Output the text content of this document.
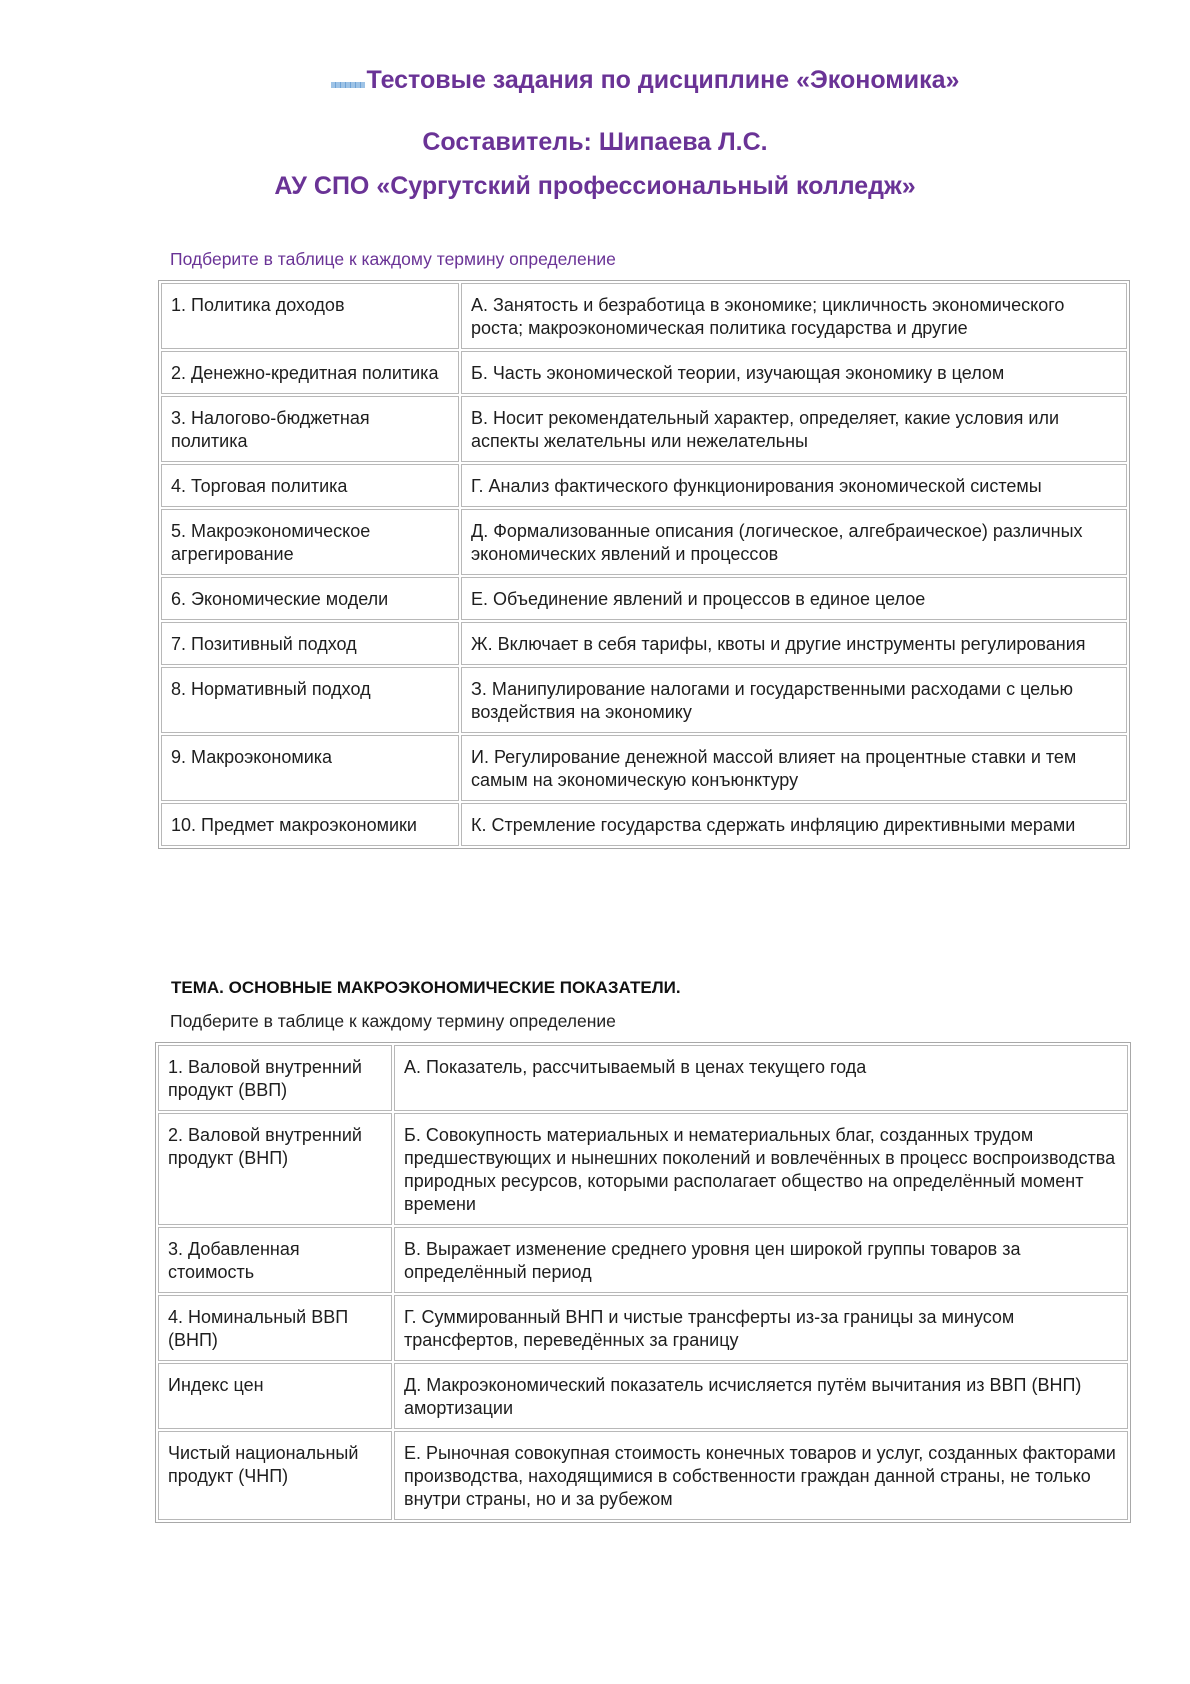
Тестовые задания по дисциплине «Экономика»
Составитель: Шипаева Л.С.
АУ СПО «Сургутский профессиональный колледж»
Подберите в таблице к каждому термину определение
1. Политика доходов	А. Занятость и безработица в экономике; цикличность экономического роста; макроэкономическая политика государства и другие
2. Денежно-кредитная политика	Б. Часть экономической теории, изучающая экономику в целом
3. Налогово-бюджетная политика	В. Носит рекомендательный характер, определяет, какие условия или аспекты желательны или нежелательны
4. Торговая политика	Г. Анализ фактического функционирования экономической системы
5. Макроэкономическое агрегирование	Д. Формализованные описания (логическое, алгебраическое) различных экономических явлений и процессов
6. Экономические модели	Е. Объединение явлений и процессов в единое целое
7. Позитивный подход	Ж. Включает в себя тарифы, квоты и другие инструменты регулирования
8. Нормативный подход	З. Манипулирование налогами и государственными расходами с целью воздействия на экономику
9. Макроэкономика	И. Регулирование денежной массой влияет на процентные ставки и тем самым на экономическую конъюнктуру
10. Предмет макроэкономики	К. Стремление государства сдержать инфляцию директивными мерами
ТЕМА. ОСНОВНЫЕ МАКРОЭКОНОМИЧЕСКИЕ ПОКАЗАТЕЛИ.
Подберите в таблице к каждому термину определение
1. Валовой внутренний продукт (ВВП)	А. Показатель, рассчитываемый в ценах текущего года
2. Валовой внутренний продукт (ВНП)	Б. Совокупность материальных и нематериальных благ, созданных трудом предшествующих и нынешних поколений и вовлечённых в процесс воспроизводства природных ресурсов, которыми располагает общество на определённый момент времени
3. Добавленная стоимость	В. Выражает изменение среднего уровня цен широкой группы товаров за определённый период
4. Номинальный ВВП (ВНП)	Г. Суммированный ВНП и чистые трансферты из-за границы за минусом трансфертов, переведённых за границу
Индекс цен	Д. Макроэкономический показатель исчисляется путём вычитания из ВВП (ВНП) амортизации
Чистый национальный продукт (ЧНП)	Е. Рыночная совокупная стоимость конечных товаров и услуг, созданных факторами производства, находящимися в собственности граждан данной страны, не только внутри страны, но и за рубежом
